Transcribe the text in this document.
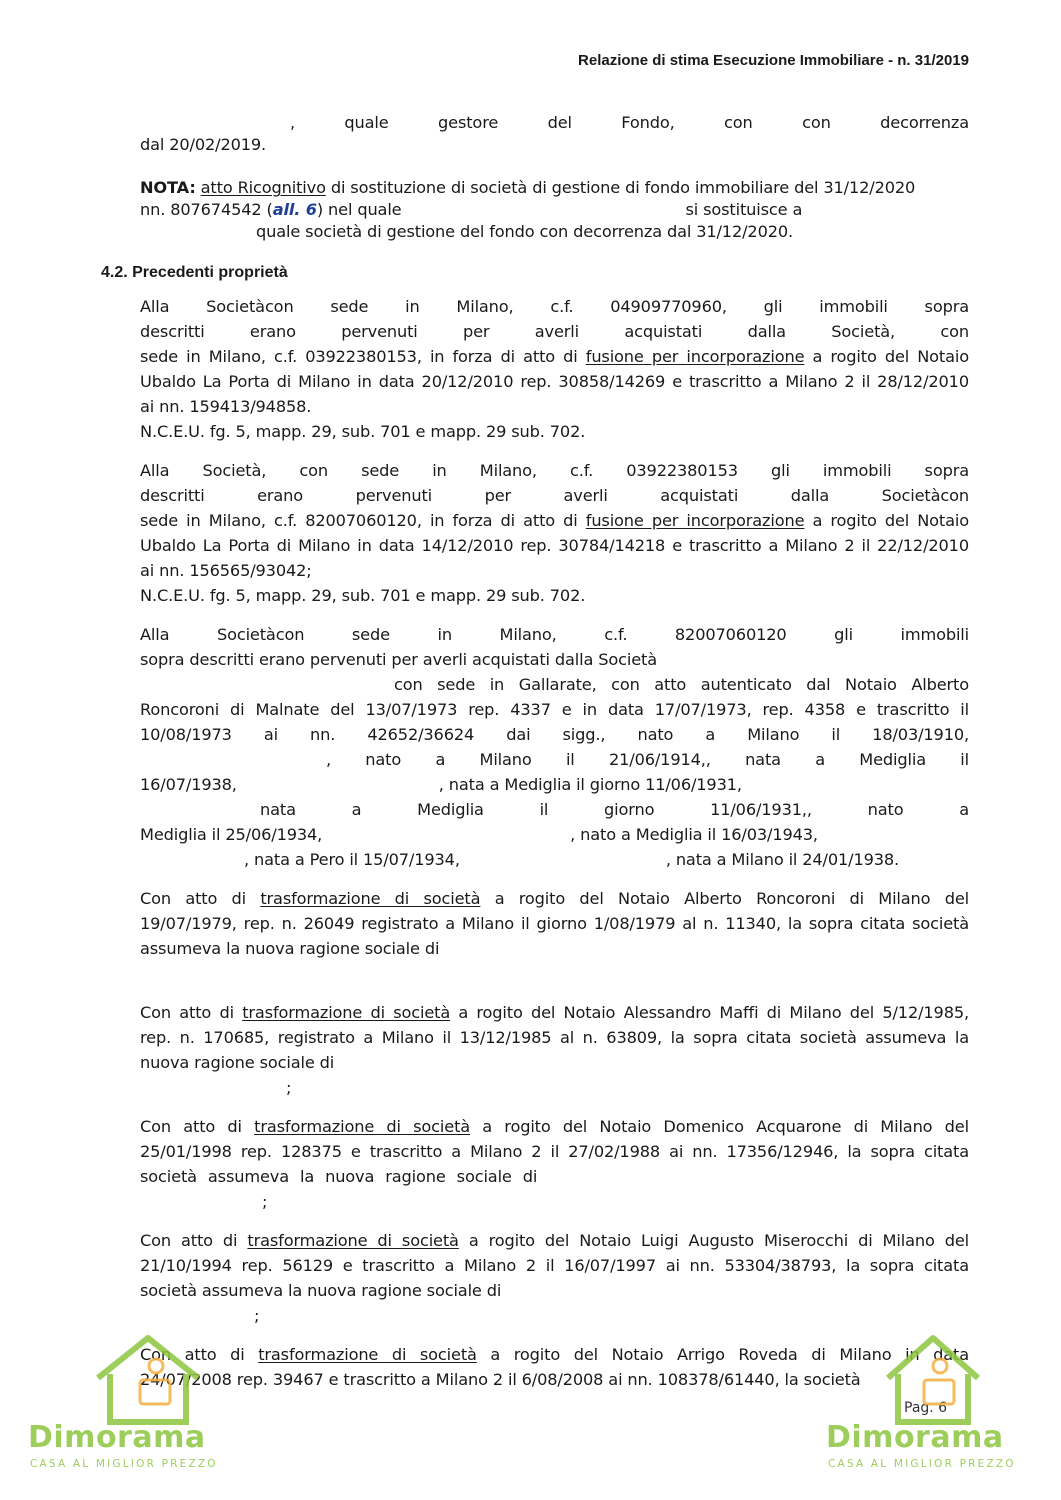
Relazione di stima Esecuzione Immobiliare - n. 31/2019
, quale gestore del Fondo, con	con decorrenza
dal 20/02/2019.
NOTA: atto Ricognitivo di sostituzione di società di gestione di fondo immobiliare del 31/12/2020
nn. 807674542 (all. 6) nel quale	si sostituisce a
quale società di gestione del fondo con decorrenza dal 31/12/2020.
4.2. Precedenti proprietà
Alla Societàcon sede in Milano, c.f. 04909770960, gli immobili sopra
descritti erano pervenuti per averli acquistati dalla Società, con
sede in Milano, c.f. 03922380153, in forza di atto di fusione per incorporazione a rogito del Notaio
Ubaldo La Porta di Milano in data 20/12/2010 rep. 30858/14269 e trascritto a Milano 2 il 28/12/2010
ai nn. 159413/94858.
N.C.E.U. fg. 5, mapp. 29, sub. 701 e mapp. 29 sub. 702.
Alla Società, con sede in Milano, c.f. 03922380153 gli immobili sopra
descritti erano pervenuti per averli acquistati dalla Societàcon
sede in Milano, c.f. 82007060120, in forza di atto di fusione per incorporazione a rogito del Notaio
Ubaldo La Porta di Milano in data 14/12/2010 rep. 30784/14218 e trascritto a Milano 2 il 22/12/2010
ai nn. 156565/93042;
N.C.E.U. fg. 5, mapp. 29, sub. 701 e mapp. 29 sub. 702.
Alla Societàcon sede in Milano, c.f. 82007060120 gli immobili
sopra descritti erano pervenuti per averli acquistati dalla Società
con sede in Gallarate, con atto autenticato dal Notaio Alberto
Roncoroni di Malnate del 13/07/1973 rep. 4337 e in data 17/07/1973, rep. 4358 e trascritto il
10/08/1973 ai nn. 42652/36624 dai sigg., nato a Milano il 18/03/1910,
, nato a Milano il 21/06/1914,, nata a Mediglia il
16/07/1938,	, nata a Mediglia il giorno 11/06/1931,
nata a Mediglia il giorno 11/06/1931,, nato a
Mediglia il 25/06/1934,	, nato a Mediglia il 16/03/1943,
, nata a Pero il 15/07/1934,	, nata a Milano il 24/01/1938.
Con atto di trasformazione di società a rogito del Notaio Alberto Roncoroni di Milano del
19/07/1979, rep. n. 26049 registrato a Milano il giorno 1/08/1979 al n. 11340, la sopra citata società
assumeva la nuova ragione sociale di
Con atto di trasformazione di società a rogito del Notaio Alessandro Maffi di Milano del 5/12/1985,
rep. n. 170685, registrato a Milano il 13/12/1985 al n. 63809, la sopra citata società assumeva la
nuova ragione sociale di
;
Con atto di trasformazione di società a rogito del Notaio Domenico Acquarone di Milano del
25/01/1998 rep. 128375 e trascritto a Milano 2 il 27/02/1988 ai nn. 17356/12946, la sopra citata
società assumeva la nuova ragione sociale di
;
Con atto di trasformazione di società a rogito del Notaio Luigi Augusto Miserocchi di Milano del
21/10/1994 rep. 56129 e trascritto a Milano 2 il 16/07/1997 ai nn. 53304/38793, la sopra citata
società assumeva la nuova ragione sociale di
;
Con atto di trasformazione di società a rogito del Notaio Arrigo Roveda di Milano in data
24/07/2008 rep. 39467 e trascritto a Milano 2 il 6/08/2008 ai nn. 108378/61440, la società
Pag. 6
Dimorama
CASA AL MIGLIOR PREZZO
Dimorama
CASA AL MIGLIOR PREZZO
